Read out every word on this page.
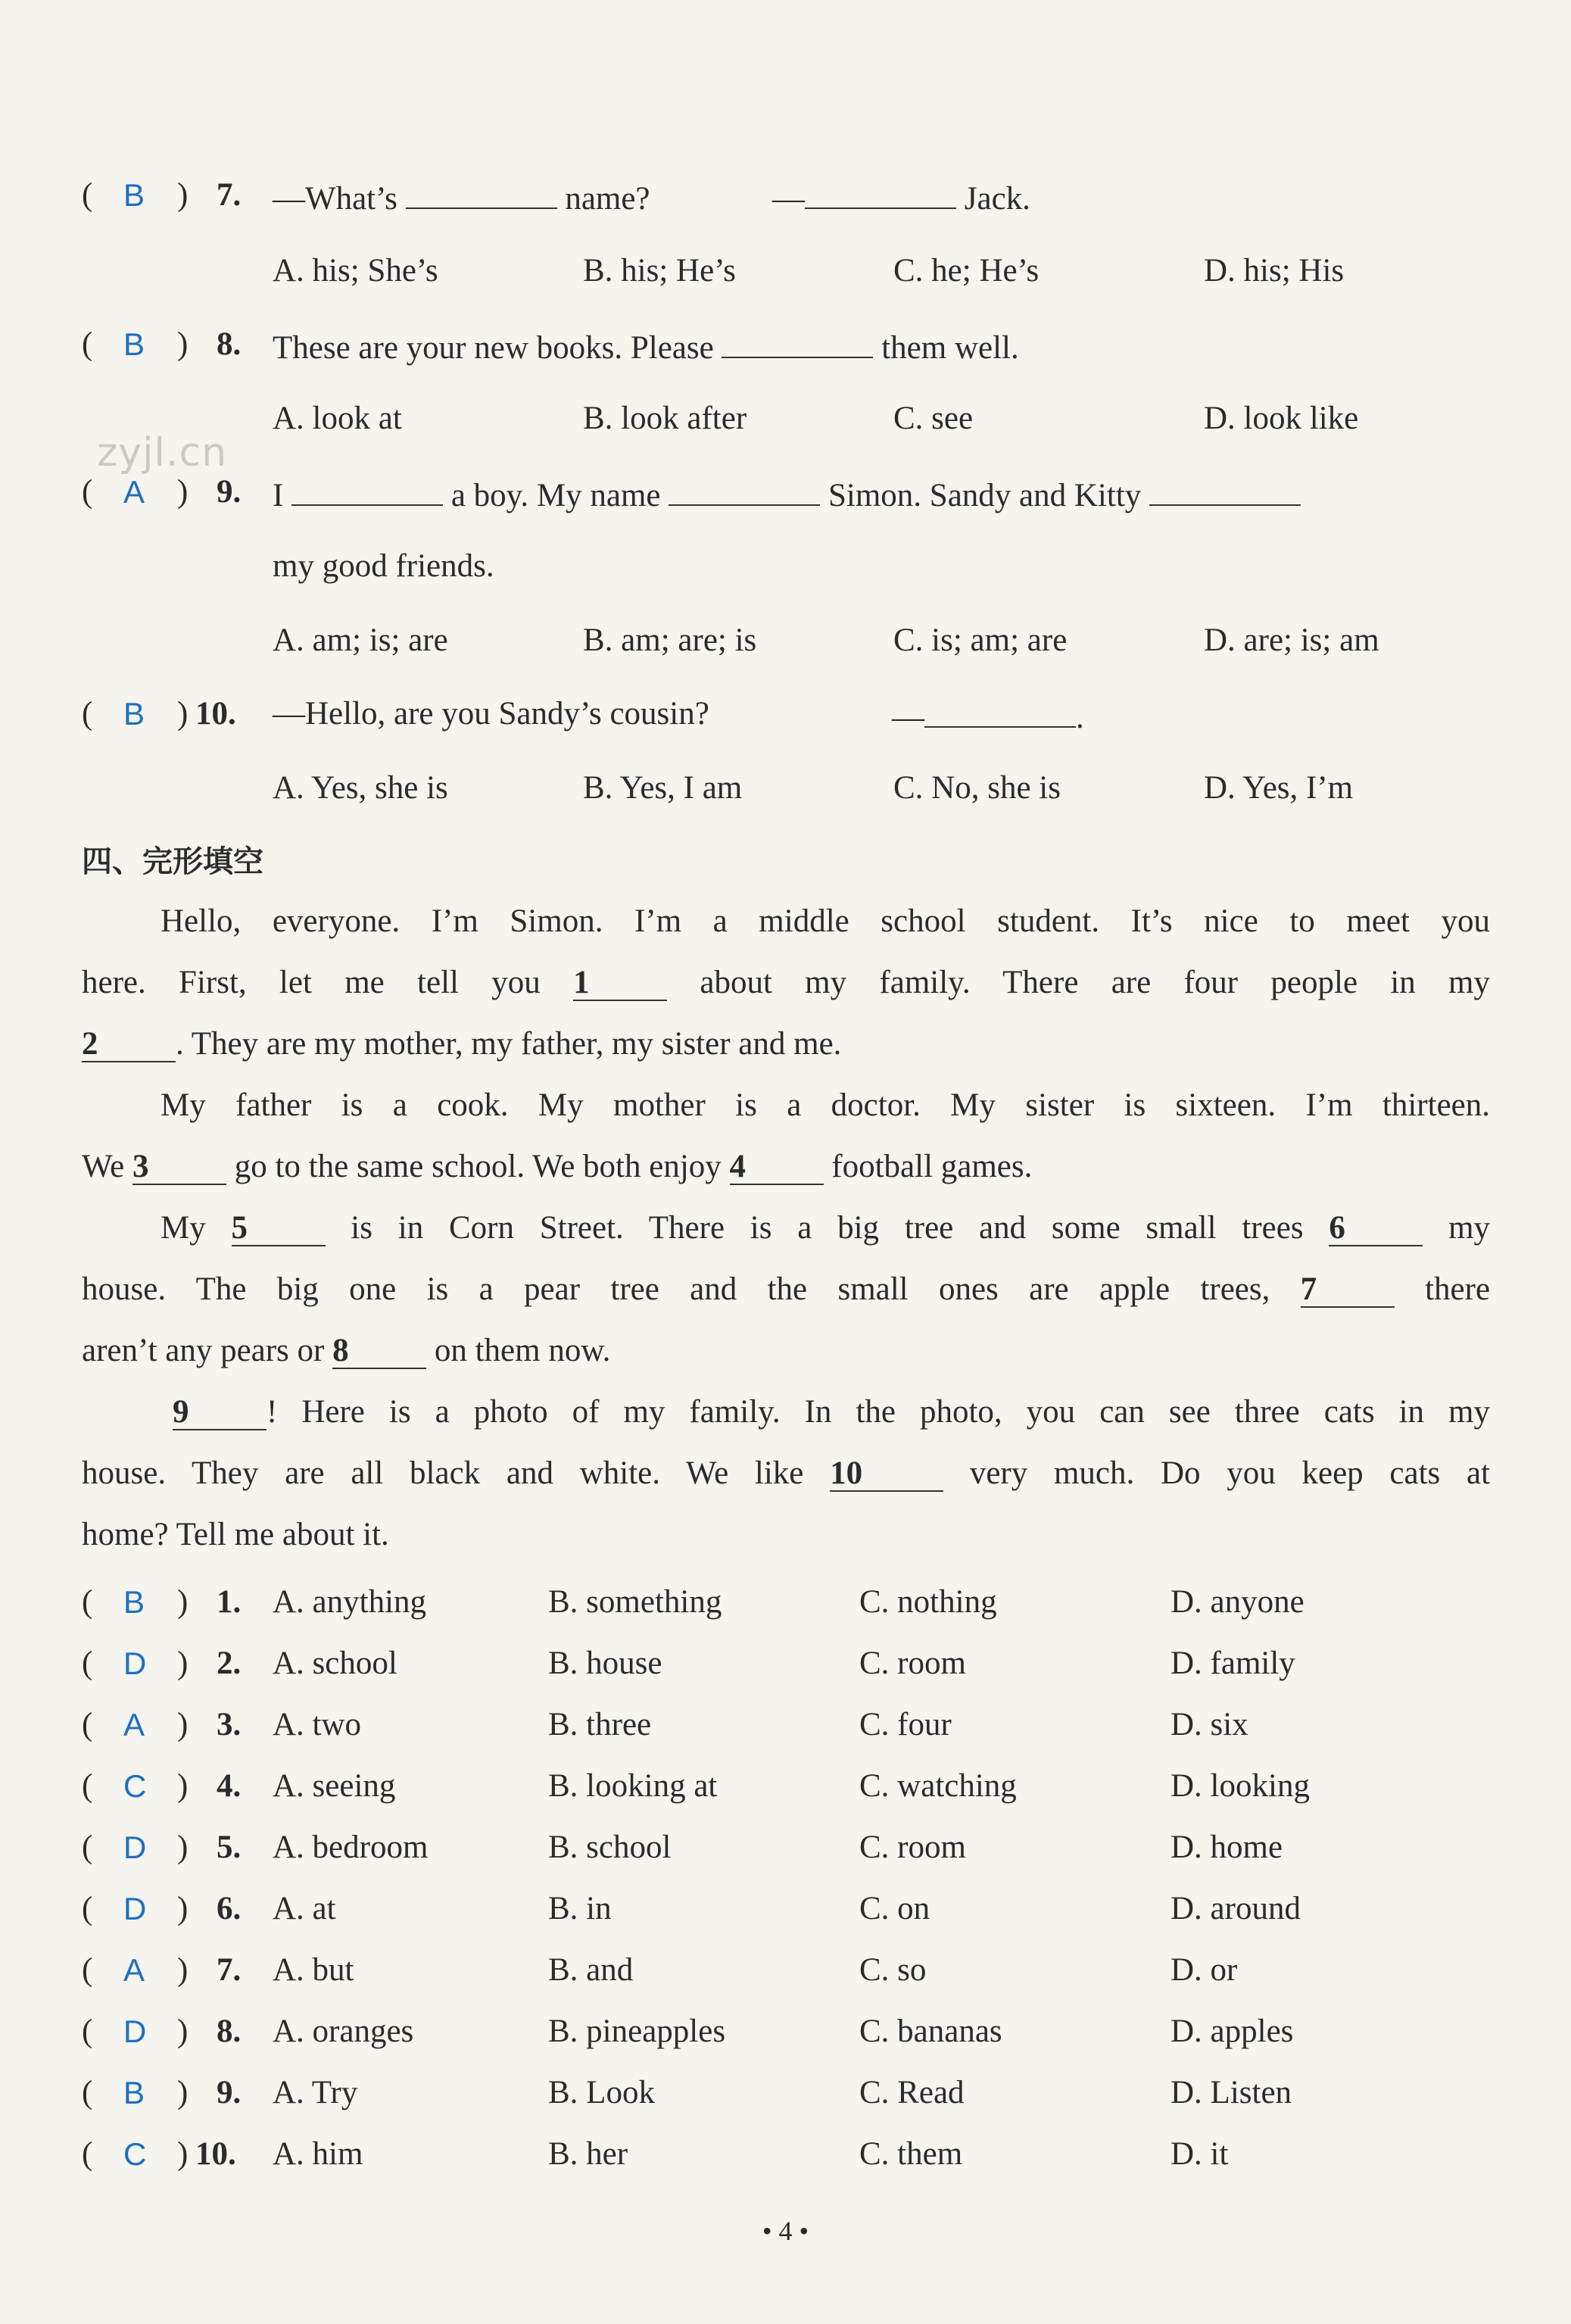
zyjl.cn
( B ) 7. —What’s	name?	—	Jack.
A. his; She’s	B. his; He’s	C. he; He’s	D. his; His
( B ) 8. These are your new books. Please	them well.
A. look at	B. look after	C. see	D. look like
( A ) 9. I	a boy. My name	Simon. Sandy and Kitty
my good friends.
A. am; is; are	B. am; are; is	C. is; am; are	D. are; is; am
( B ) 10. —Hello, are you Sandy’s cousin?	—	.
A. Yes, she is	B. Yes, I am	C. No, she is	D. Yes, I’m
四、完形填空
Hello, everyone. I’m Simon. I’m a middle school student. It’s nice to meet you
here. First, let me tell you 1	about my family. There are four people in my
2 . They are my mother, my father, my sister and me.
My father is a cook. My mother is a doctor. My sister is sixteen. I’m thirteen.
We 3	go to the same school. We both enjoy 4	football games.
My 5	is in Corn Street. There is a big tree and some small trees 6	my
house. The big one is a pear tree and the small ones are apple trees, 7	there
aren’t any pears or 8	on them now.
9 ! Here is a photo of my family. In the photo, you can see three cats in my
house. They are all black and white. We like 10	very much. Do you keep cats at
home? Tell me about it.
( B ) 1. A. anything	B. something	C. nothing	D. anyone
( D ) 2. A. school	B. house	C. room	D. family
( A ) 3. A. two	B. three	C. four	D. six
( C ) 4. A. seeing	B. looking at	C. watching	D. looking
( D ) 5. A. bedroom	B. school	C. room	D. home
( D ) 6. A. at	B. in	C. on	D. around
( A ) 7. A. but	B. and	C. so	D. or
( D ) 8. A. oranges	B. pineapples	C. bananas	D. apples
( B ) 9. A. Try	B. Look	C. Read	D. Listen
( C ) 10. A. him	B. her	C. them	D. it
• 4 •
